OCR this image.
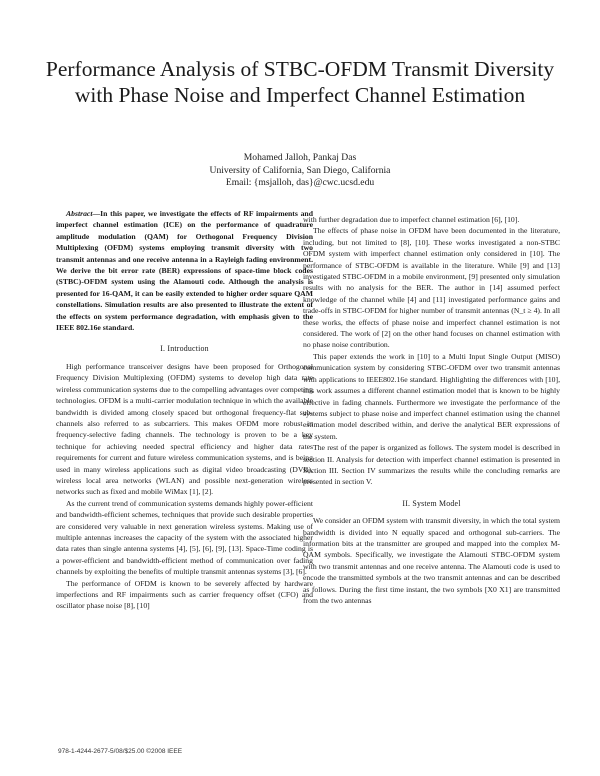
Performance Analysis of STBC-OFDM Transmit Diversity with Phase Noise and Imperfect Channel Estimation
Mohamed Jalloh, Pankaj Das
University of California, San Diego, California
Email: {msjalloh, das}@cwc.ucsd.edu

Abstract—In this paper, we investigate the effects of RF impairments and imperfect channel estimation (ICE) on the performance of quadrature amplitude modulation (QAM) for Orthogonal Frequency Division Multiplexing (OFDM) systems employing transmit diversity with two transmit antennas and one receive antenna in a Rayleigh fading environment. We derive the bit error rate (BER) expressions of space-time block codes (STBC)-OFDM system using the Alamouti code. Although the analysis is presented for 16-QAM, it can be easily extended to higher order square QAM constellations. Simulation results are also presented to illustrate the extent of the effects on system performance degradation, with emphasis given to the IEEE 802.16e standard.

I. Introduction

High performance transceiver designs have been proposed for Orthogonal Frequency Division Multiplexing (OFDM) systems to develop high data rate wireless communication systems due to the compelling advantages over competing technologies. OFDM is a multi-carrier modulation technique in which the available bandwidth is divided among closely spaced but orthogonal frequency-flat sub-channels also referred to as subcarriers. This makes OFDM more robust in frequency-selective fading channels. The technology is proven to be a key technique for achieving needed spectral efficiency and higher data rates requirements for current and future wireless communication systems, and is being used in many wireless applications such as digital video broadcasting (DVB), wireless local area networks (WLAN) and possible next-generation wireless networks such as fixed and mobile WiMax [1], [2].

As the current trend of communication systems demands highly power-efficient and bandwidth-efficient schemes, techniques that provide such desirable properties are considered very valuable in next generation wireless systems. Making use of multiple antennas increases the capacity of the system with the associated higher data rates than single antenna systems [4], [5], [6], [9], [13]. Space-Time coding is a power-efficient and bandwidth-efficient method of communication over fading channels by exploiting the benefits of multiple transmit antennas systems [3], [6].

The performance of OFDM is known to be severely affected by hardware imperfections and RF impairments such as carrier frequency offset (CFO) and oscillator phase noise [8], [10]

with further degradation due to imperfect channel estimation [6], [10].

The effects of phase noise in OFDM have been documented in the literature, including, but not limited to [8], [10]. These works investigated a non-STBC OFDM system with imperfect channel estimation only considered in [10]. The performance of STBC-OFDM is available in the literature. While [9] and [13] investigated STBC-OFDM in a mobile environment, [9] presented only simulation results with no analysis for the BER. The author in [14] assumed perfect knowledge of the channel while [4] and [11] investigated performance gains and trade-offs in STBC-OFDM for higher number of transmit antennas (N_t ≥ 4). In all these works, the effects of phase noise and imperfect channel estimation is not considered. The work of [2] on the other hand focuses on channel estimation with no phase noise contribution.

This paper extends the work in [10] to a Multi Input Single Output (MISO) communication system by considering STBC-OFDM over two transmit antennas with applications to IEEE802.16e standard. Highlighting the differences with [10], this work assumes a different channel estimation model that is known to be highly effective in fading channels. Furthermore we investigate the performance of the systems subject to phase noise and imperfect channel estimation using the channel estimation model described within, and derive the analytical BER expressions of the system.

The rest of the paper is organized as follows. The system model is described in section II. Analysis for detection with imperfect channel estimation is presented in Section III. Section IV summarizes the results while the concluding remarks are presented in section V.

II. System Model

We consider an OFDM system with transmit diversity, in which the total system bandwidth is divided into N equally spaced and orthogonal sub-carriers. The information bits at the transmitter are grouped and mapped into the complex M-QAM symbols. Specifically, we investigate the Alamouti STBC-OFDM system with two transmit antennas and one receive antenna. The Alamouti code is used to encode the transmitted symbols at the two transmit antennas and can be described as follows. During the first time instant, the two symbols [X0 X1] are transmitted from the two antennas

978-1-4244-2677-5/08/$25.00 ©2008 IEEE
